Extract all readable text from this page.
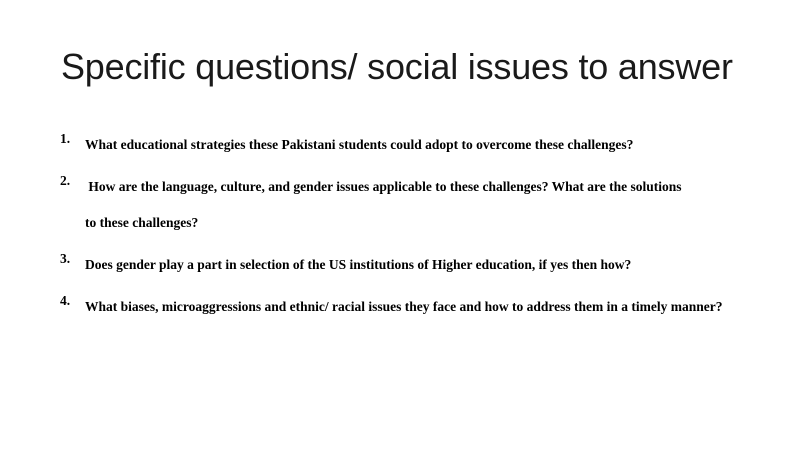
Specific questions/ social issues to answer
1. What educational strategies these Pakistani students could adopt to overcome these challenges?
2. How are the language, culture, and gender issues applicable to these challenges? What are the solutions to these challenges?
3. Does gender play a part in selection of the US institutions of Higher education, if yes then how?
4. What biases, microaggressions and ethnic/ racial issues they face and how to address them in a timely manner?
